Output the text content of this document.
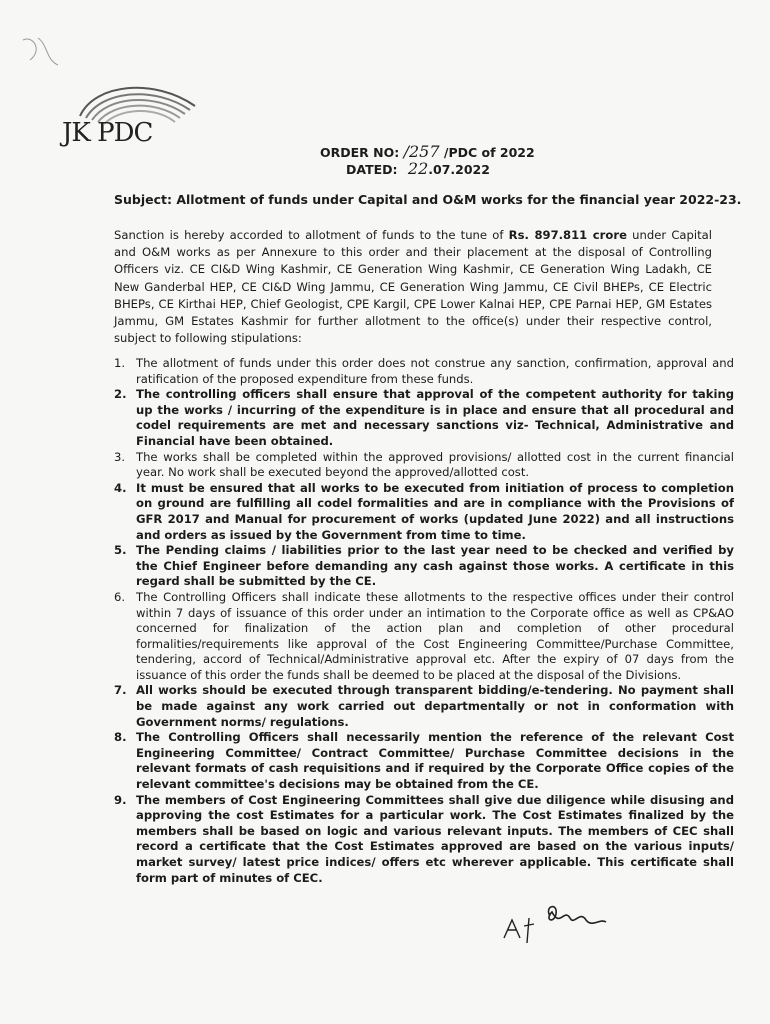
JK PDC
ORDER NO: /257 /PDC of 2022
DATED: 22.07.2022
Subject: Allotment of funds under Capital and O&M works for the financial year 2022-23.
Sanction is hereby accorded to allotment of funds to the tune of Rs. 897.811 crore under Capital and O&M works as per Annexure to this order and their placement at the disposal of Controlling Officers viz. CE CI&D Wing Kashmir, CE Generation Wing Kashmir, CE Generation Wing Ladakh, CE New Ganderbal HEP, CE CI&D Wing Jammu, CE Generation Wing Jammu, CE Civil BHEPs, CE Electric BHEPs, CE Kirthai HEP, Chief Geologist, CPE Kargil, CPE Lower Kalnai HEP, CPE Parnai HEP, GM Estates Jammu, GM Estates Kashmir for further allotment to the office(s) under their respective control, subject to following stipulations:
1. The allotment of funds under this order does not construe any sanction, confirmation, approval and ratification of the proposed expenditure from these funds.
2. The controlling officers shall ensure that approval of the competent authority for taking up the works / incurring of the expenditure is in place and ensure that all procedural and codel requirements are met and necessary sanctions viz- Technical, Administrative and Financial have been obtained.
3. The works shall be completed within the approved provisions/ allotted cost in the current financial year. No work shall be executed beyond the approved/allotted cost.
4. It must be ensured that all works to be executed from initiation of process to completion on ground are fulfilling all codel formalities and are in compliance with the Provisions of GFR 2017 and Manual for procurement of works (updated June 2022) and all instructions and orders as issued by the Government from time to time.
5. The Pending claims / liabilities prior to the last year need to be checked and verified by the Chief Engineer before demanding any cash against those works. A certificate in this regard shall be submitted by the CE.
6. The Controlling Officers shall indicate these allotments to the respective offices under their control within 7 days of issuance of this order under an intimation to the Corporate office as well as CP&AO concerned for finalization of the action plan and completion of other procedural formalities/requirements like approval of the Cost Engineering Committee/Purchase Committee, tendering, accord of Technical/Administrative approval etc. After the expiry of 07 days from the issuance of this order the funds shall be deemed to be placed at the disposal of the Divisions.
7. All works should be executed through transparent bidding/e-tendering. No payment shall be made against any work carried out departmentally or not in conformation with Government norms/ regulations.
8. The Controlling Officers shall necessarily mention the reference of the relevant Cost Engineering Committee/ Contract Committee/ Purchase Committee decisions in the relevant formats of cash requisitions and if required by the Corporate Office copies of the relevant committee's decisions may be obtained from the CE.
9. The members of Cost Engineering Committees shall give due diligence while disusing and approving the cost Estimates for a particular work. The Cost Estimates finalized by the members shall be based on logic and various relevant inputs. The members of CEC shall record a certificate that the Cost Estimates approved are based on the various inputs/ market survey/ latest price indices/ offers etc wherever applicable. This certificate shall form part of minutes of CEC.
